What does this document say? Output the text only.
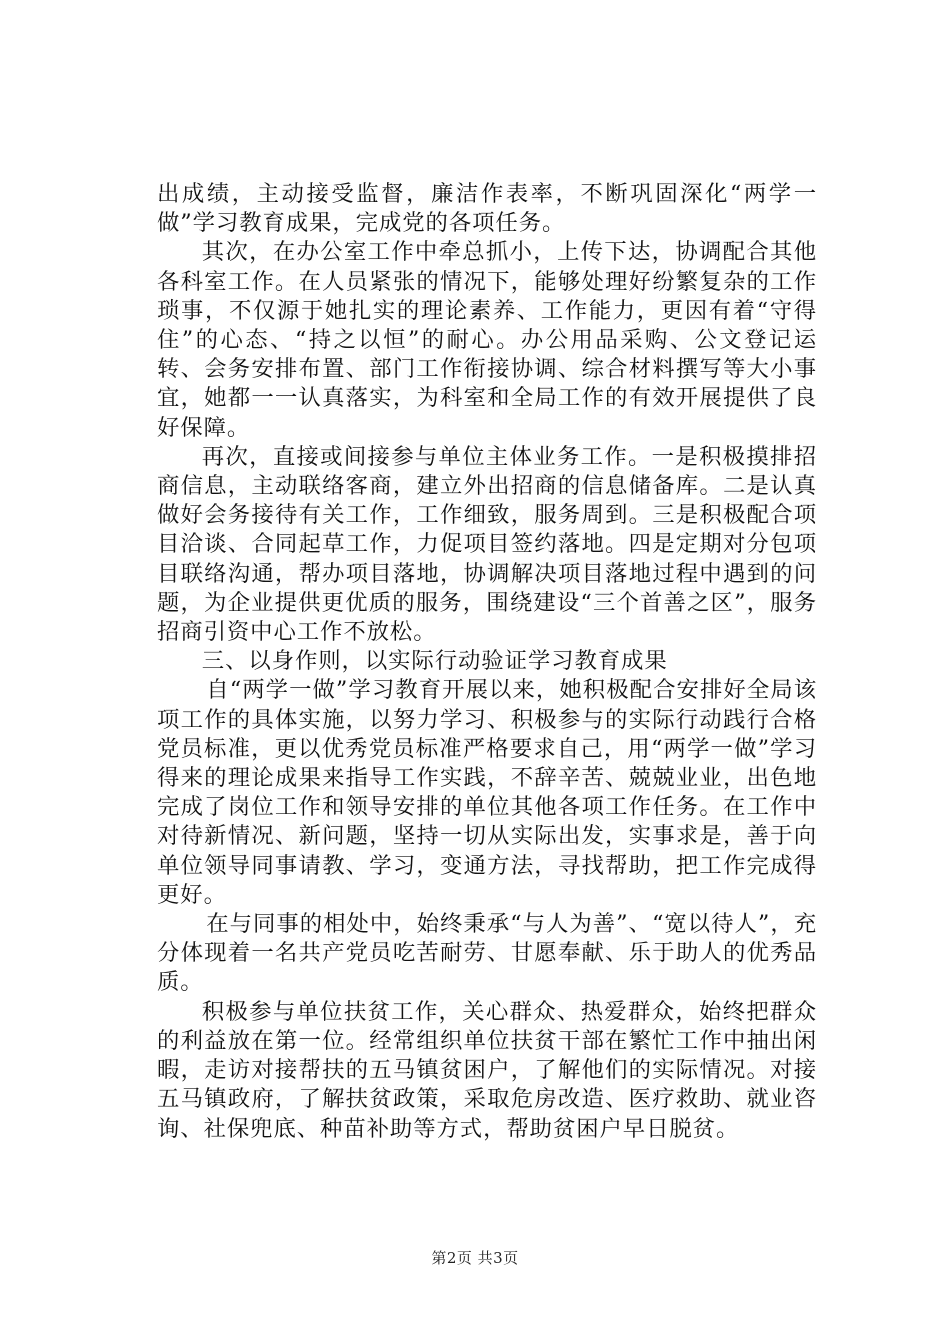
出成绩，主动接受监督，廉洁作表率，不断巩固深化“两学一做”学习教育成果，完成党的各项任务。

其次，在办公室工作中牵总抓小，上传下达，协调配合其他各科室工作。在人员紧张的情况下，能够处理好纷繁复杂的工作琐事，不仅源于她扎实的理论素养、工作能力，更因有着“守得住”的心态、“持之以恒”的耐心。办公用品采购、公文登记运转、会务安排布置、部门工作衔接协调、综合材料撰写等大小事宜，她都一一认真落实，为科室和全局工作的有效开展提供了良好保障。

再次，直接或间接参与单位主体业务工作。一是积极摸排招商信息，主动联络客商，建立外出招商的信息储备库。二是认真做好会务接待有关工作，工作细致，服务周到。三是积极配合项目洽谈、合同起草工作，力促项目签约落地。四是定期对分包项目联络沟通，帮办项目落地，协调解决项目落地过程中遇到的问题，为企业提供更优质的服务，围绕建设“三个首善之区”，服务招商引资中心工作不放松。

三、以身作则，以实际行动验证学习教育成果

自“两学一做”学习教育开展以来，她积极配合安排好全局该项工作的具体实施，以努力学习、积极参与的实际行动践行合格党员标准，更以优秀党员标准严格要求自己，用“两学一做”学习得来的理论成果来指导工作实践，不辞辛苦、兢兢业业，出色地完成了岗位工作和领导安排的单位其他各项工作任务。在工作中对待新情况、新问题，坚持一切从实际出发，实事求是，善于向单位领导同事请教、学习，变通方法，寻找帮助，把工作完成得更好。

在与同事的相处中，始终秉承“与人为善”、“宽以待人”，充分体现着一名共产党员吃苦耐劳、甘愿奉献、乐于助人的优秀品质。

积极参与单位扶贫工作，关心群众、热爱群众，始终把群众的利益放在第一位。经常组织单位扶贫干部在繁忙工作中抽出闲暇，走访对接帮扶的五马镇贫困户，了解他们的实际情况。对接五马镇政府，了解扶贫政策，采取危房改造、医疗救助、就业咨询、社保兜底、种苗补助等方式，帮助贫困户早日脱贫。

第2页 共3页
